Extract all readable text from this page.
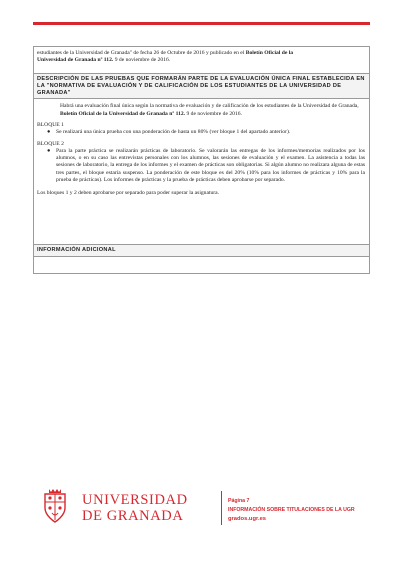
estudiantes de la Universidad de Granada" de fecha 26 de Octubre de 2016 y publicado en el Boletín Oficial de la
Universidad de Granada nº 112. 9 de noviembre de 2016.

DESCRIPCIÓN DE LAS PRUEBAS QUE FORMARÁN PARTE DE LA EVALUACIÓN ÚNICA FINAL ESTABLECIDA EN LA "NORMATIVA DE EVALUACIÓN Y DE CALIFICACIÓN DE LOS ESTUDIANTES DE LA UNIVERSIDAD DE GRANADA"

Habrá una evaluación final única según la normativa de evaluación y de calificación de los estudiantes de la Universidad de Granada, Boletín Oficial de la Universidad de Granada nº 112. 9 de noviembre de 2016.

BLOQUE 1

● Se realizará una única prueba con una ponderación de hasta un 80% (ver bloque 1 del apartado anterior).

BLOQUE 2

● Para la parte práctica se realizarán prácticas de laboratorio. Se valorarán las entregas de los informes/memorias realizados por los alumnos, o en su caso las entrevistas personales con los alumnos, las sesiones de evaluación y el examen. La asistencia a todas las sesiones de laboratorio, la entrega de los informes y el examen de prácticas son obligatorias. Si algún alumno no realizara alguna de estas tres partes, el bloque estaría suspenso. La ponderación de este bloque es del 20% (10% para los informes de prácticas y 10% para la prueba de prácticas). Los informes de prácticas y la prueba de prácticas deben aprobarse por separado.

Los bloques 1 y 2 deben aprobarse por separado para poder superar la asignatura.

INFORMACIÓN ADICIONAL

UNIVERSIDAD
DE GRANADA
Página 7
INFORMACIÓN SOBRE TITULACIONES DE LA UGR
grados.ugr.es
